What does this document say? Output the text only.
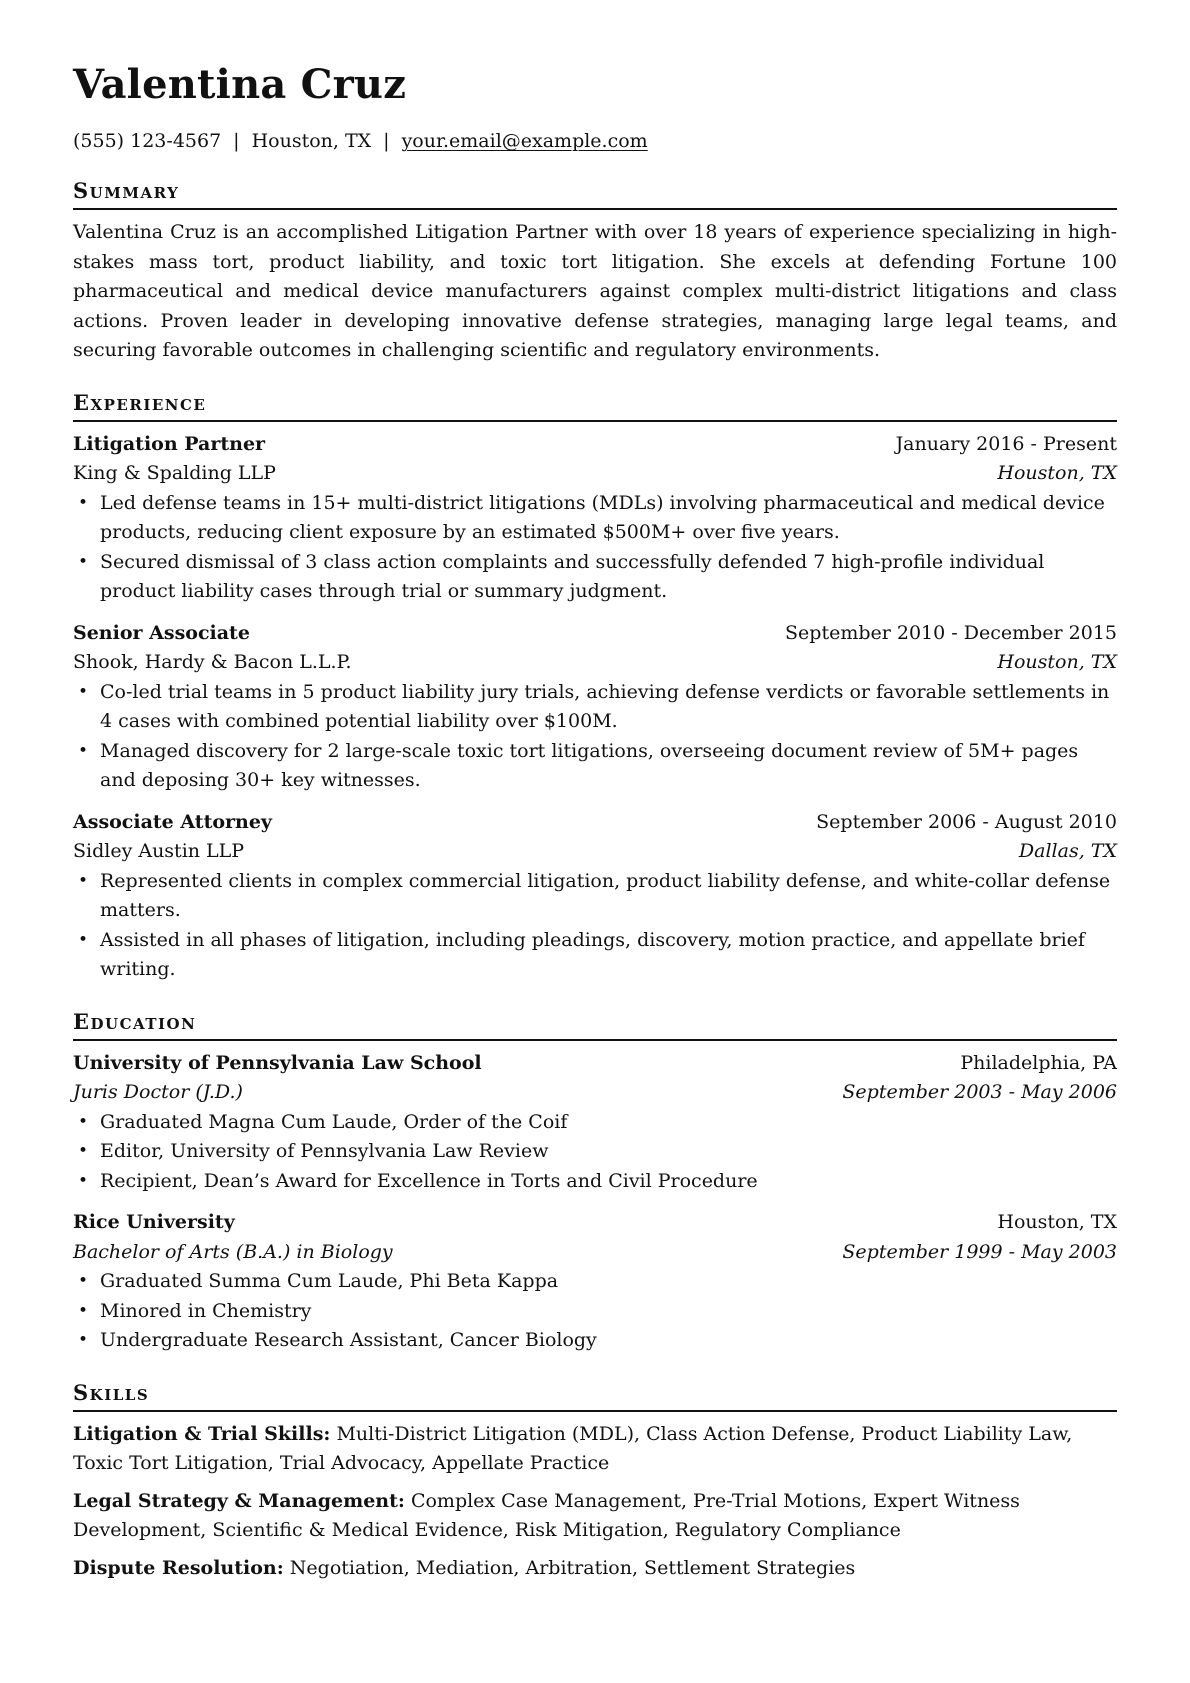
Valentina Cruz
(555) 123-4567 | Houston, TX | your.email@example.com
Summary

Valentina Cruz is an accomplished Litigation Partner with over 18 years of experience specializing in high-stakes mass tort, product liability, and toxic tort litigation. She excels at defending Fortune 100 pharmaceutical and medical device manufacturers against complex multi-district litigations and class actions. Proven leader in developing innovative defense strategies, managing large legal teams, and securing favorable outcomes in challenging scientific and regulatory environments.

Experience
Litigation Partner	January 2016 - Present
King & Spalding LLP	Houston, TX
• Led defense teams in 15+ multi-district litigations (MDLs) involving pharmaceutical and medical device products, reducing client exposure by an estimated $500M+ over five years.
• Secured dismissal of 3 class action complaints and successfully defended 7 high-profile individual product liability cases through trial or summary judgment.
Senior Associate	September 2010 - December 2015
Shook, Hardy & Bacon L.L.P.	Houston, TX
• Co-led trial teams in 5 product liability jury trials, achieving defense verdicts or favorable settlements in 4 cases with combined potential liability over $100M.
• Managed discovery for 2 large-scale toxic tort litigations, overseeing document review of 5M+ pages and deposing 30+ key witnesses.
Associate Attorney	September 2006 - August 2010
Sidley Austin LLP	Dallas, TX
• Represented clients in complex commercial litigation, product liability defense, and white-collar defense matters.
• Assisted in all phases of litigation, including pleadings, discovery, motion practice, and appellate brief writing.
Education
University of Pennsylvania Law School	Philadelphia, PA
Juris Doctor (J.D.)	September 2003 - May 2006
• Graduated Magna Cum Laude, Order of the Coif
• Editor, University of Pennsylvania Law Review
• Recipient, Dean’s Award for Excellence in Torts and Civil Procedure
Rice University	Houston, TX
Bachelor of Arts (B.A.) in Biology	September 1999 - May 2003
• Graduated Summa Cum Laude, Phi Beta Kappa
• Minored in Chemistry
• Undergraduate Research Assistant, Cancer Biology
Skills

Litigation & Trial Skills: Multi-District Litigation (MDL), Class Action Defense, Product Liability Law, Toxic Tort Litigation, Trial Advocacy, Appellate Practice

Legal Strategy & Management: Complex Case Management, Pre-Trial Motions, Expert Witness Development, Scientific & Medical Evidence, Risk Mitigation, Regulatory Compliance

Dispute Resolution: Negotiation, Mediation, Arbitration, Settlement Strategies
